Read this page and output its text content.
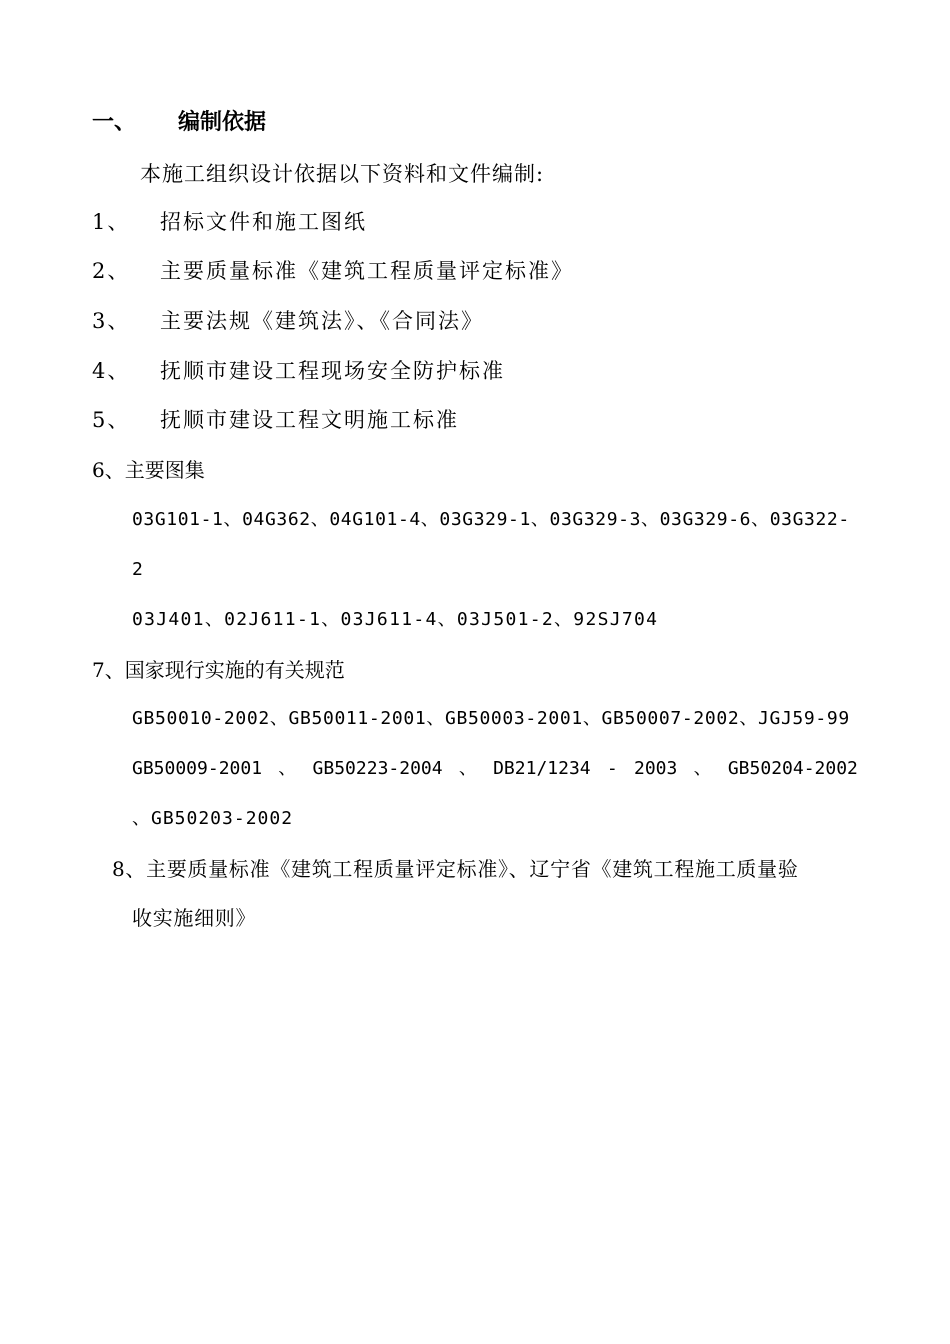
一、 编制依据
本施工组织设计依据以下资料和文件编制:
1、 招标文件和施工图纸
2、 主要质量标准《建筑工程质量评定标准》
3、 主要法规《建筑法》、《合同法》
4、 抚顺市建设工程现场安全防护标准
5、 抚顺市建设工程文明施工标准
6、主要图集
03G101-1、04G362、04G101-4、03G329-1、03G329-3、03G329-6、03G322-
2
03J401、02J611-1、03J611-4、03J501-2、92SJ704
7、国家现行实施的有关规范
GB50010-2002、GB50011-2001、GB50003-2001、GB50007-2002、JGJ59-99
GB50009-2001 、 GB50223-2004 、 DB21/1234 - 2003 、 GB50204-2002
、GB50203-2002
8、主要质量标准《建筑工程质量评定标准》、辽宁省《建筑工程施工质量验
收实施细则》
